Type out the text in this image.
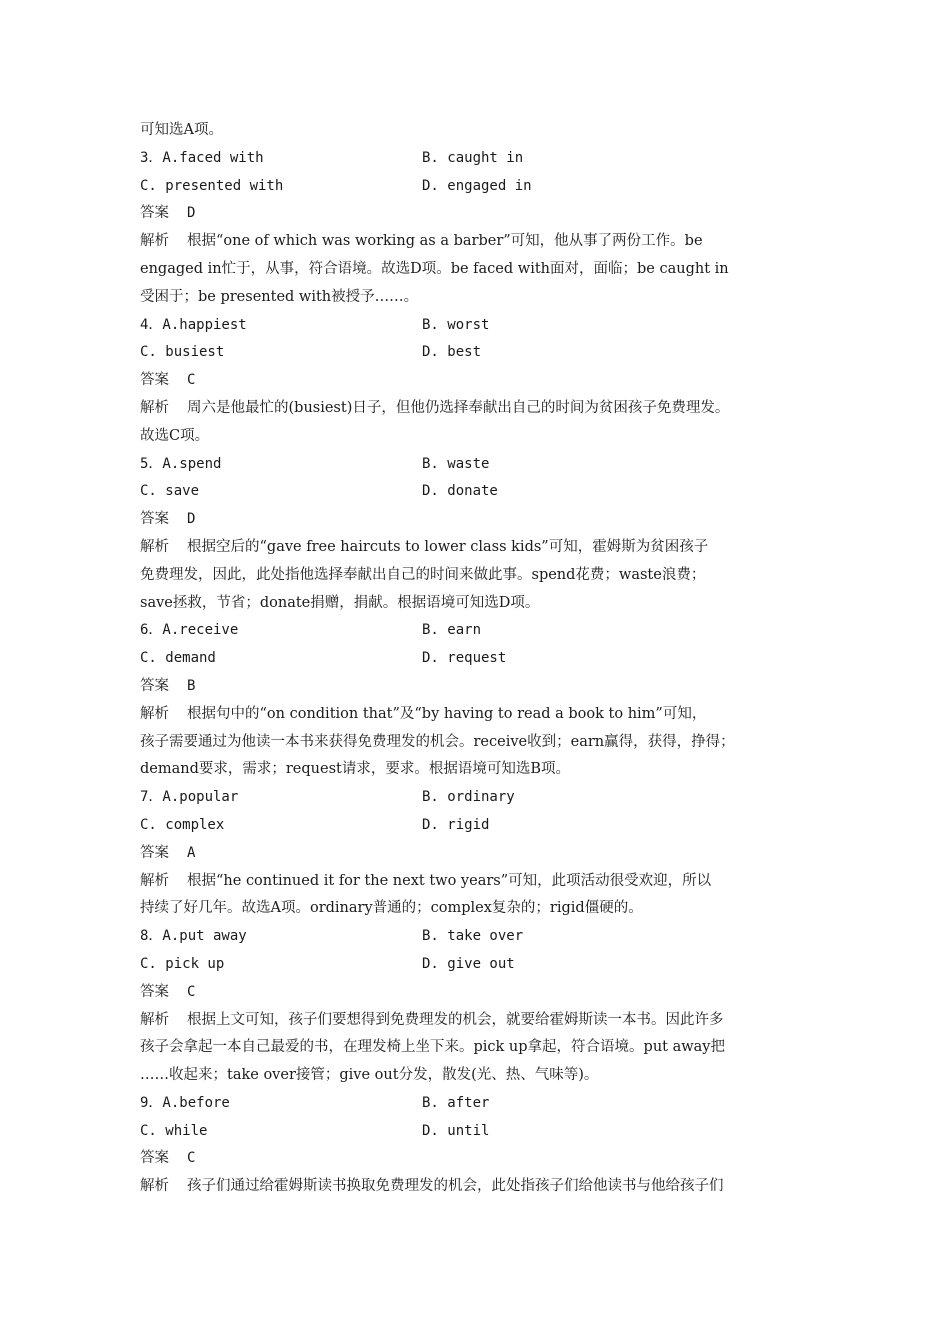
可知选A项。
3．A.faced with	B. caught in
C. presented with	D. engaged in
答案 D
解析 根据“one of which was working as a barber”可知，他从事了两份工作。be
engaged in忙于，从事，符合语境。故选D项。be faced with面对，面临；be caught in
受困于；be presented with被授予……。
4．A.happiest	B. worst
C. busiest	D. best
答案 C
解析 周六是他最忙的(busiest)日子，但他仍选择奉献出自己的时间为贫困孩子免费理发。
故选C项。
5．A.spend	B. waste
C. save	D. donate
答案 D
解析 根据空后的“gave free haircuts to lower class kids”可知，霍姆斯为贫困孩子
免费理发，因此，此处指他选择奉献出自己的时间来做此事。spend花费；waste浪费；
save拯救，节省；donate捐赠，捐献。根据语境可知选D项。
6．A.receive	B. earn
C. demand	D. request
答案 B
解析 根据句中的“on condition that”及“by having to read a book to him”可知，
孩子需要通过为他读一本书来获得免费理发的机会。receive收到；earn赢得，获得，挣得；
demand要求，需求；request请求，要求。根据语境可知选B项。
7．A.popular	B. ordinary
C. complex	D. rigid
答案 A
解析 根据“he continued it for the next two years”可知，此项活动很受欢迎，所以
持续了好几年。故选A项。ordinary普通的；complex复杂的；rigid僵硬的。
8．A.put away	B. take over
C. pick up	D. give out
答案 C
解析 根据上文可知，孩子们要想得到免费理发的机会，就要给霍姆斯读一本书。因此许多
孩子会拿起一本自己最爱的书，在理发椅上坐下来。pick up拿起，符合语境。put away把
……收起来；take over接管；give out分发，散发(光、热、气味等)。
9．A.before	B. after
C. while	D. until
答案 C
解析 孩子们通过给霍姆斯读书换取免费理发的机会，此处指孩子们给他读书与他给孩子们
